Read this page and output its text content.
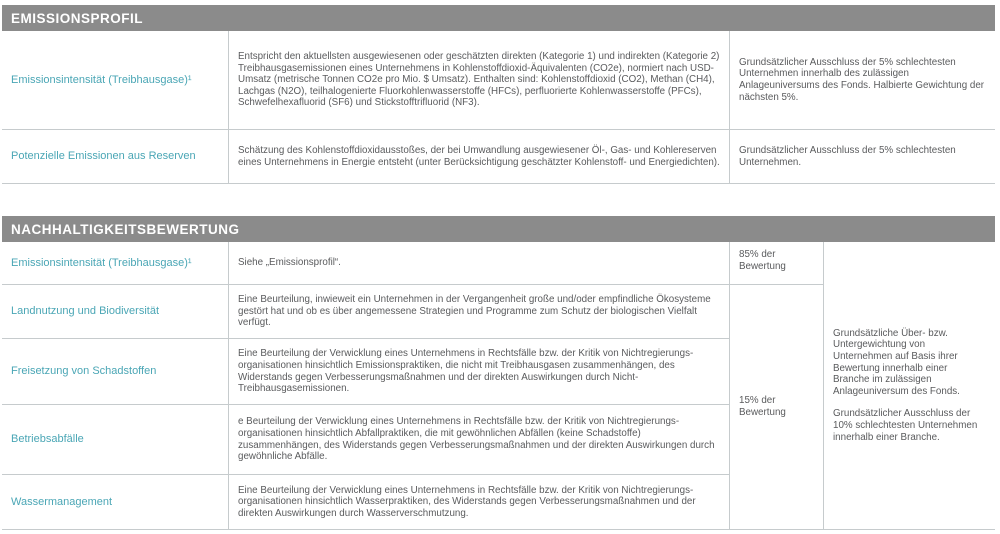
EMISSIONSPROFIL
Emissionsintensität (Treibhausgase)¹
Entspricht den aktuellsten ausgewiesenen oder geschätzten direkten (Kategorie 1) und indirekten (Kategorie 2) Treibhausgasemissionen eines Unternehmens in Kohlenstoffdioxid-Äquivalenten (CO2e), normiert nach USD-Umsatz (metrische Tonnen CO2e pro Mio. $ Umsatz). Enthalten sind: Kohlenstoffdioxid (CO2), Methan (CH4), Lachgas (N2O), teilhalogenierte Fluorkohlenwasserstoffe (HFCs), perfluorierte Kohlenwasserstoffe (PFCs), Schwefelhexafluorid (SF6) und Stickstofftrifluorid (NF3).
Grundsätzlicher Ausschluss der 5% schlechtesten Unternehmen innerhalb des zulässigen Anlageuniversums des Fonds. Halbierte Gewichtung der nächsten 5%.
Potenzielle Emissionen aus Reserven	Schätzung des Kohlenstoffdioxidausstoßes, der bei Umwandlung ausgewiesener Öl-, Gas- und Kohlereserven eines Unternehmens in Energie entsteht (unter Berücksichtigung geschätzter Kohlenstoff- und Energiedichten).
Grundsätzlicher Ausschluss der 5% schlechtesten Unternehmen.
NACHHALTIGKEITSBEWERTUNG
Emissionsintensität (Treibhausgase)¹	Siehe „Emissionsprofil“.
85% der Bewertung

Grundsätzliche Über- bzw. Untergewichtung von Unternehmen auf Basis ihrer Bewertung innerhalb einer Branche im zulässigen Anlageuniversum des Fonds.

Grundsätzlicher Ausschluss der 10% schlechtesten Unternehmen innerhalb einer Branche.

Landnutzung und Biodiversität
Eine Beurteilung, inwieweit ein Unternehmen in der Vergangenheit große und/oder empfindliche Ökosysteme gestört hat und ob es über angemessene Strategien und Programme zum Schutz der biologischen Vielfalt verfügt.
Freisetzung von Schadstoffen
Eine Beurteilung der Verwicklung eines Unternehmens in Rechtsfälle bzw. der Kritik von Nichtregierungs-organisationen hinsichtlich Emissionspraktiken, die nicht mit Treibhausgasen zusammenhängen, des Widerstands gegen Verbesserungsmaßnahmen und der direkten Auswirkungen durch Nicht-Treibhausgasemissionen.
Betriebsabfälle
e Beurteilung der Verwicklung eines Unternehmens in Rechtsfälle bzw. der Kritik von Nichtregierungs-organisationen hinsichtlich Abfallpraktiken, die mit gewöhnlichen Abfällen (keine Schadstoffe) zusammenhängen, des Widerstands gegen Verbesserungsmaßnahmen und der direkten Auswirkungen durch gewöhnliche Abfälle.
Wassermanagement
Eine Beurteilung der Verwicklung eines Unternehmens in Rechtsfälle bzw. der Kritik von Nichtregierungs-organisationen hinsichtlich Wasserpraktiken, des Widerstands gegen Verbesserungsmaßnahmen und der direkten Auswirkungen durch Wasserverschmutzung.
15% der Bewertung
